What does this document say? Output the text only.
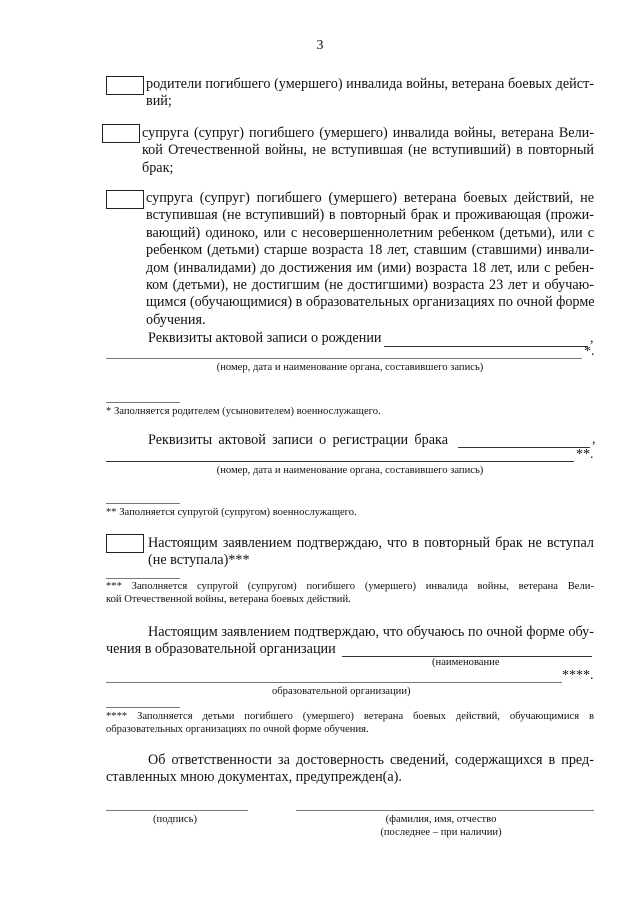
3
родители погибшего (умершего) инвалида войны, ветерана боевых дейст-
вий;
супруга (супруг) погибшего (умершего) инвалида войны, ветерана Вели-
кой Отечественной войны, не вступившая (не вступивший) в повторный
брак;
супруга (супруг) погибшего (умершего) ветерана боевых действий, не
вступившая (не вступивший) в повторный брак и проживающая (прожи-
вающий) одиноко, или с несовершеннолетним ребенком (детьми), или с
ребенком (детьми) старше возраста 18 лет, ставшим (ставшими) инвали-
дом (инвалидами) до достижения им (ими) возраста 18 лет, или с ребен-
ком (детьми), не достигшим (не достигшими) возраста 23 лет и обучаю-
щимся (обучающимися) в образовательных организациях по очной форме
обучения.
Реквизиты актовой записи о рождении	,
*.
(номер, дата и наименование органа, составившего запись)
* Заполняется родителем (усыновителем) военнослужащего.
Реквизиты актовой записи о регистрации брака	,
**.
(номер, дата и наименование органа, составившего запись)
** Заполняется супругой (супругом) военнослужащего.
Настоящим заявлением подтверждаю, что в повторный брак не вступал
(не вступала)***
*** Заполняется супругой (супругом) погибшего (умершего) инвалида войны, ветерана Вели-
кой Отечественной войны, ветерана боевых действий.
Настоящим заявлением подтверждаю, что обучаюсь по очной форме обу-
чения в образовательной организации
(наименование
****.
образовательной организации)
**** Заполняется детьми погибшего (умершего) ветерана боевых действий, обучающимися в
образовательных организациях по очной форме обучения.
Об ответственности за достоверность сведений, содержащихся в пред-
ставленных мною документах, предупрежден(а).
(подпись)	(фамилия, имя, отчество
(последнее – при наличии)
